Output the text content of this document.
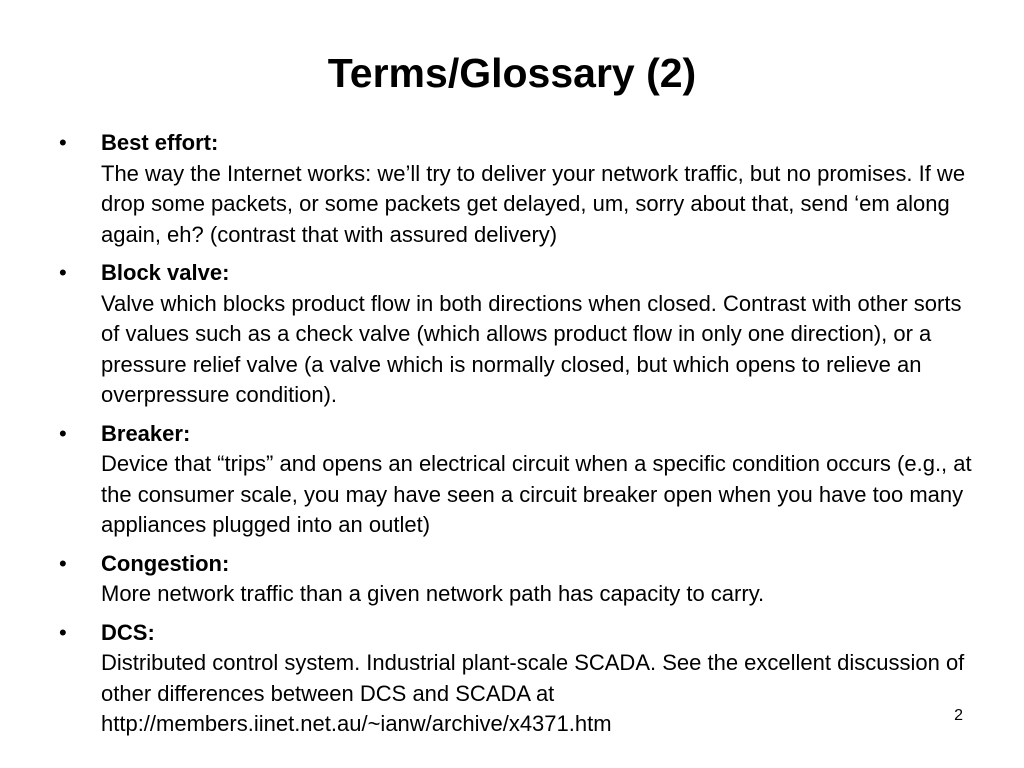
Terms/Glossary (2)
• Best effort:
The way the Internet works: we’ll try to deliver your network traffic, but no promises. If we drop some packets, or some packets get delayed, um, sorry about that, send ‘em along again, eh? (contrast that with assured delivery)
• Block valve:
Valve which blocks product flow in both directions when closed. Contrast with other sorts of values such as a check valve (which allows product flow in only one direction), or a pressure relief valve (a valve which is normally closed, but which opens to relieve an overpressure condition).
• Breaker:
Device that “trips” and opens an electrical circuit when a specific condition occurs (e.g., at the consumer scale, you may have seen a circuit breaker open when you have too many appliances plugged into an outlet)
• Congestion:
More network traffic than a given network path has capacity to carry.
• DCS:
Distributed control system. Industrial plant-scale SCADA. See the excellent discussion of other differences between DCS and SCADA at http://members.iinet.net.au/~ianw/archive/x4371.htm	2
